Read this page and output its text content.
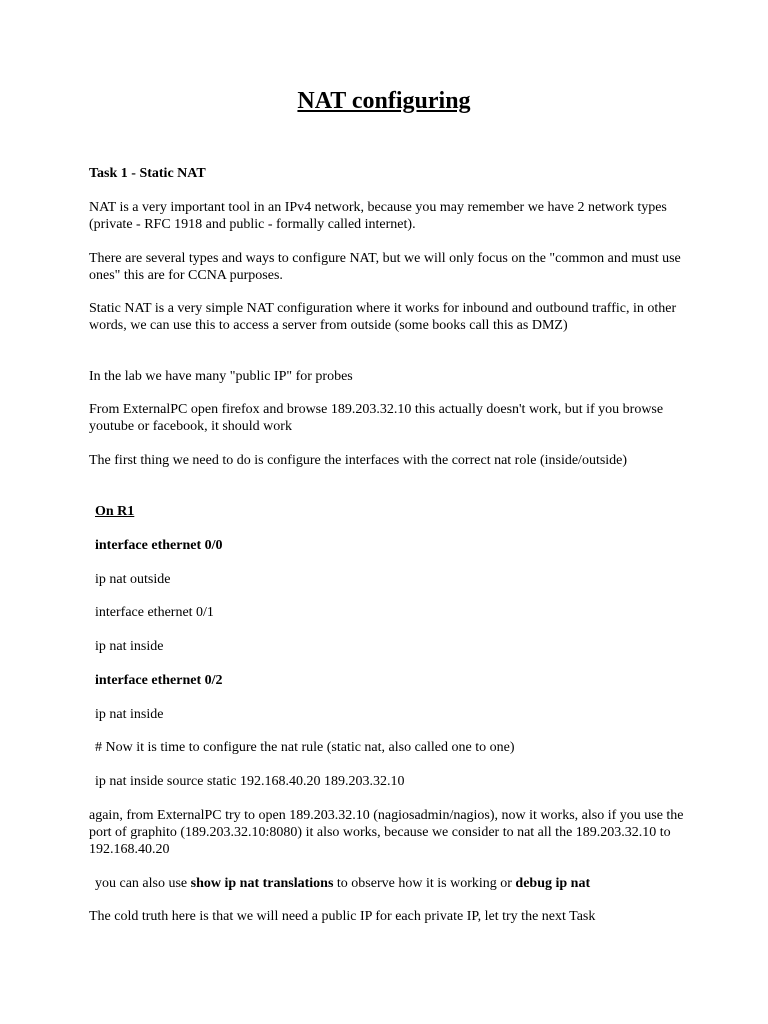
NAT configuring

Task 1 - Static NAT

NAT is a very important tool in an IPv4 network, because you may remember we have 2 network types (private - RFC 1918 and public - formally called internet).

There are several types and ways to configure NAT, but we will only focus on the "common and must use ones" this are for CCNA purposes.

Static NAT is a very simple NAT configuration where it works for inbound and outbound traffic, in other words, we can use this to access a server from outside (some books call this as DMZ)

In the lab we have many "public IP" for probes

From ExternalPC open firefox and browse 189.203.32.10 this actually doesn't work, but if you browse youtube or facebook, it should work

The first thing we need to do is configure the interfaces with the correct nat role (inside/outside)

On R1

interface ethernet 0/0

ip nat outside

interface ethernet 0/1

ip nat inside

interface ethernet 0/2

ip nat inside

# Now it is time to configure the nat rule (static nat, also called one to one)

ip nat inside source static 192.168.40.20 189.203.32.10

again, from ExternalPC try to open 189.203.32.10 (nagiosadmin/nagios), now it works, also if you use the port of graphito (189.203.32.10:8080) it also works, because we consider to nat all the 189.203.32.10 to 192.168.40.20

you can also use show ip nat translations to observe how it is working or debug ip nat

The cold truth here is that we will need a public IP for each private IP, let try the next Task
